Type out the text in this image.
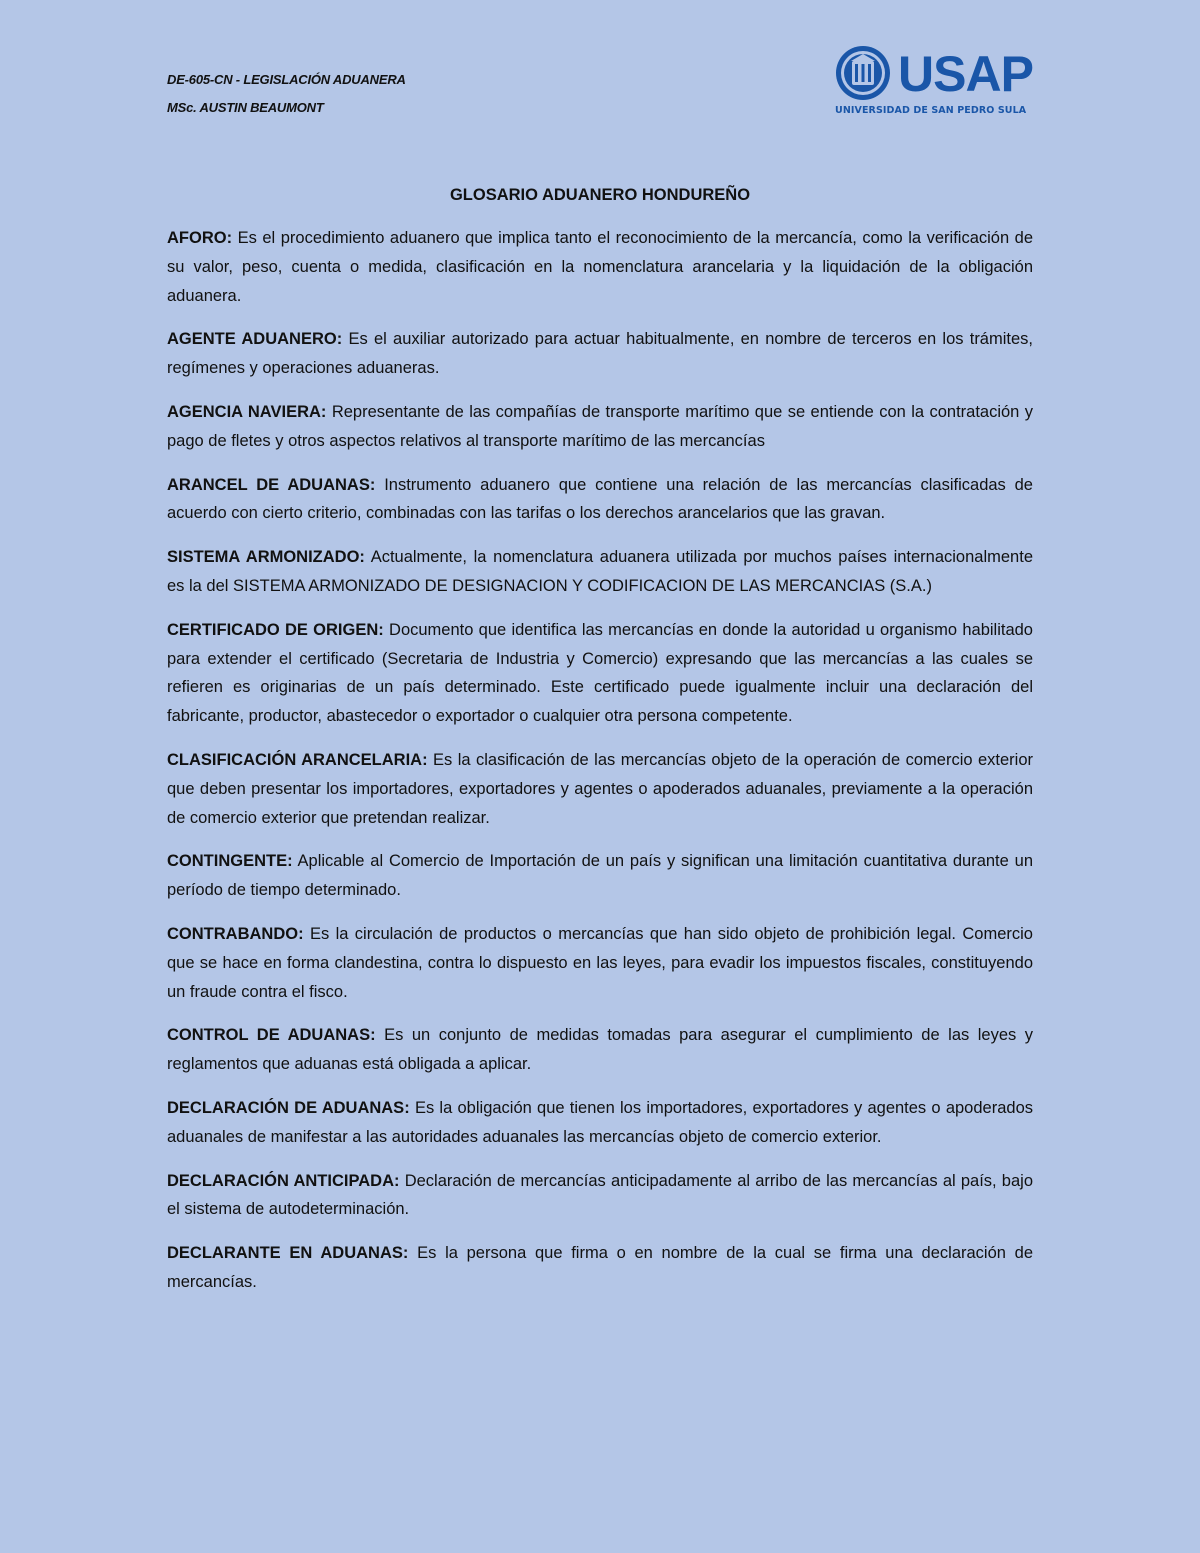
DE-605-CN - LEGISLACIÓN ADUANERA
MSc. AUSTIN BEAUMONT
USAP
UNIVERSIDAD DE SAN PEDRO SULA
GLOSARIO ADUANERO HONDUREÑO

AFORO: Es el procedimiento aduanero que implica tanto el reconocimiento de la mercancía, como la verificación de su valor, peso, cuenta o medida, clasificación en la nomenclatura arancelaria y la liquidación de la obligación aduanera.

AGENTE ADUANERO: Es el auxiliar autorizado para actuar habitualmente, en nombre de terceros en los trámites, regímenes y operaciones aduaneras.

AGENCIA NAVIERA: Representante de las compañías de transporte marítimo que se entiende con la contratación y pago de fletes y otros aspectos relativos al transporte marítimo de las mercancías

ARANCEL DE ADUANAS: Instrumento aduanero que contiene una relación de las mercancías clasificadas de acuerdo con cierto criterio, combinadas con las tarifas o los derechos arancelarios que las gravan.

SISTEMA ARMONIZADO: Actualmente, la nomenclatura aduanera utilizada por muchos países internacionalmente es la del SISTEMA ARMONIZADO DE DESIGNACION Y CODIFICACION DE LAS MERCANCIAS (S.A.)

CERTIFICADO DE ORIGEN: Documento que identifica las mercancías en donde la autoridad u organismo habilitado para extender el certificado (Secretaria de Industria y Comercio) expresando que las mercancías a las cuales se refieren es originarias de un país determinado. Este certificado puede igualmente incluir una declaración del fabricante, productor, abastecedor o exportador o cualquier otra persona competente.

CLASIFICACIÓN ARANCELARIA: Es la clasificación de las mercancías objeto de la operación de comercio exterior que deben presentar los importadores, exportadores y agentes o apoderados aduanales, previamente a la operación de comercio exterior que pretendan realizar.

CONTINGENTE: Aplicable al Comercio de Importación de un país y significan una limitación cuantitativa durante un período de tiempo determinado.

CONTRABANDO: Es la circulación de productos o mercancías que han sido objeto de prohibición legal. Comercio que se hace en forma clandestina, contra lo dispuesto en las leyes, para evadir los impuestos fiscales, constituyendo un fraude contra el fisco.

CONTROL DE ADUANAS: Es un conjunto de medidas tomadas para asegurar el cumplimiento de las leyes y reglamentos que aduanas está obligada a aplicar.

DECLARACIÓN DE ADUANAS: Es la obligación que tienen los importadores, exportadores y agentes o apoderados aduanales de manifestar a las autoridades aduanales las mercancías objeto de comercio exterior.

DECLARACIÓN ANTICIPADA: Declaración de mercancías anticipadamente al arribo de las mercancías al país, bajo el sistema de autodeterminación.

DECLARANTE EN ADUANAS: Es la persona que firma o en nombre de la cual se firma una declaración de mercancías.
